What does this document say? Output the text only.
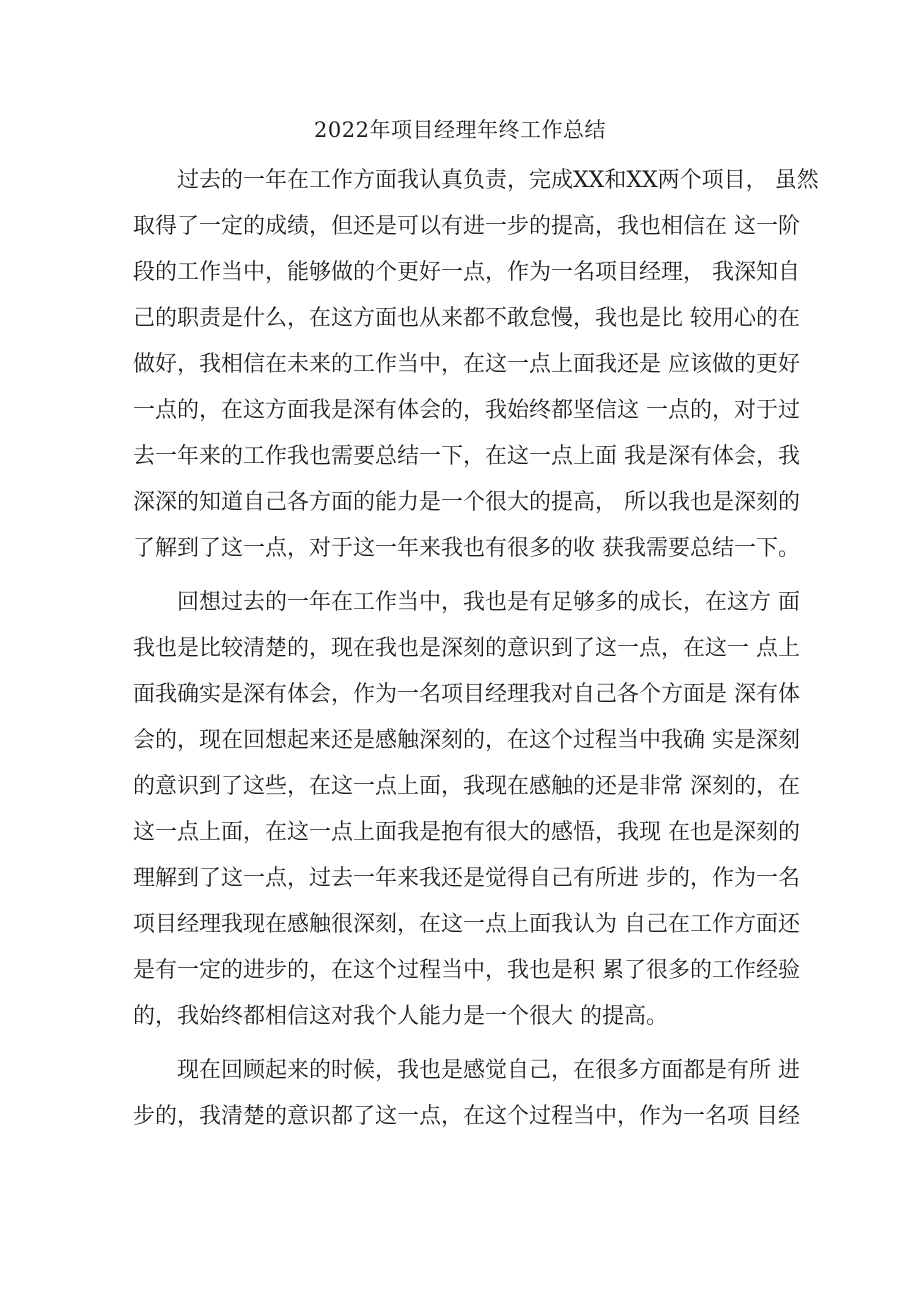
2022年项目经理年终工作总结
过去的一年在工作方面我认真负责，完成XX和XX两个项目， 虽然
取得了一定的成绩，但还是可以有进一步的提高，我也相信在 这一阶
段的工作当中，能够做的个更好一点，作为一名项目经理， 我深知自
己的职责是什么，在这方面也从来都不敢怠慢，我也是比 较用心的在
做好，我相信在未来的工作当中，在这一点上面我还是 应该做的更好
一点的，在这方面我是深有体会的，我始终都坚信这 一点的，对于过
去一年来的工作我也需要总结一下，在这一点上面 我是深有体会，我
深深的知道自己各方面的能力是一个很大的提高， 所以我也是深刻的
了解到了这一点，对于这一年来我也有很多的收 获我需要总结一下。
回想过去的一年在工作当中，我也是有足够多的成长，在这方 面
我也是比较清楚的，现在我也是深刻的意识到了这一点，在这一 点上
面我确实是深有体会，作为一名项目经理我对自己各个方面是 深有体
会的，现在回想起来还是感触深刻的，在这个过程当中我确 实是深刻
的意识到了这些，在这一点上面，我现在感触的还是非常 深刻的，在
这一点上面，在这一点上面我是抱有很大的感悟，我现 在也是深刻的
理解到了这一点，过去一年来我还是觉得自己有所进 步的，作为一名
项目经理我现在感触很深刻，在这一点上面我认为 自己在工作方面还
是有一定的进步的，在这个过程当中，我也是积 累了很多的工作经验
的，我始终都相信这对我个人能力是一个很大 的提高。
现在回顾起来的时候，我也是感觉自己，在很多方面都是有所 进
步的，我清楚的意识都了这一点，在这个过程当中，作为一名项 目经
